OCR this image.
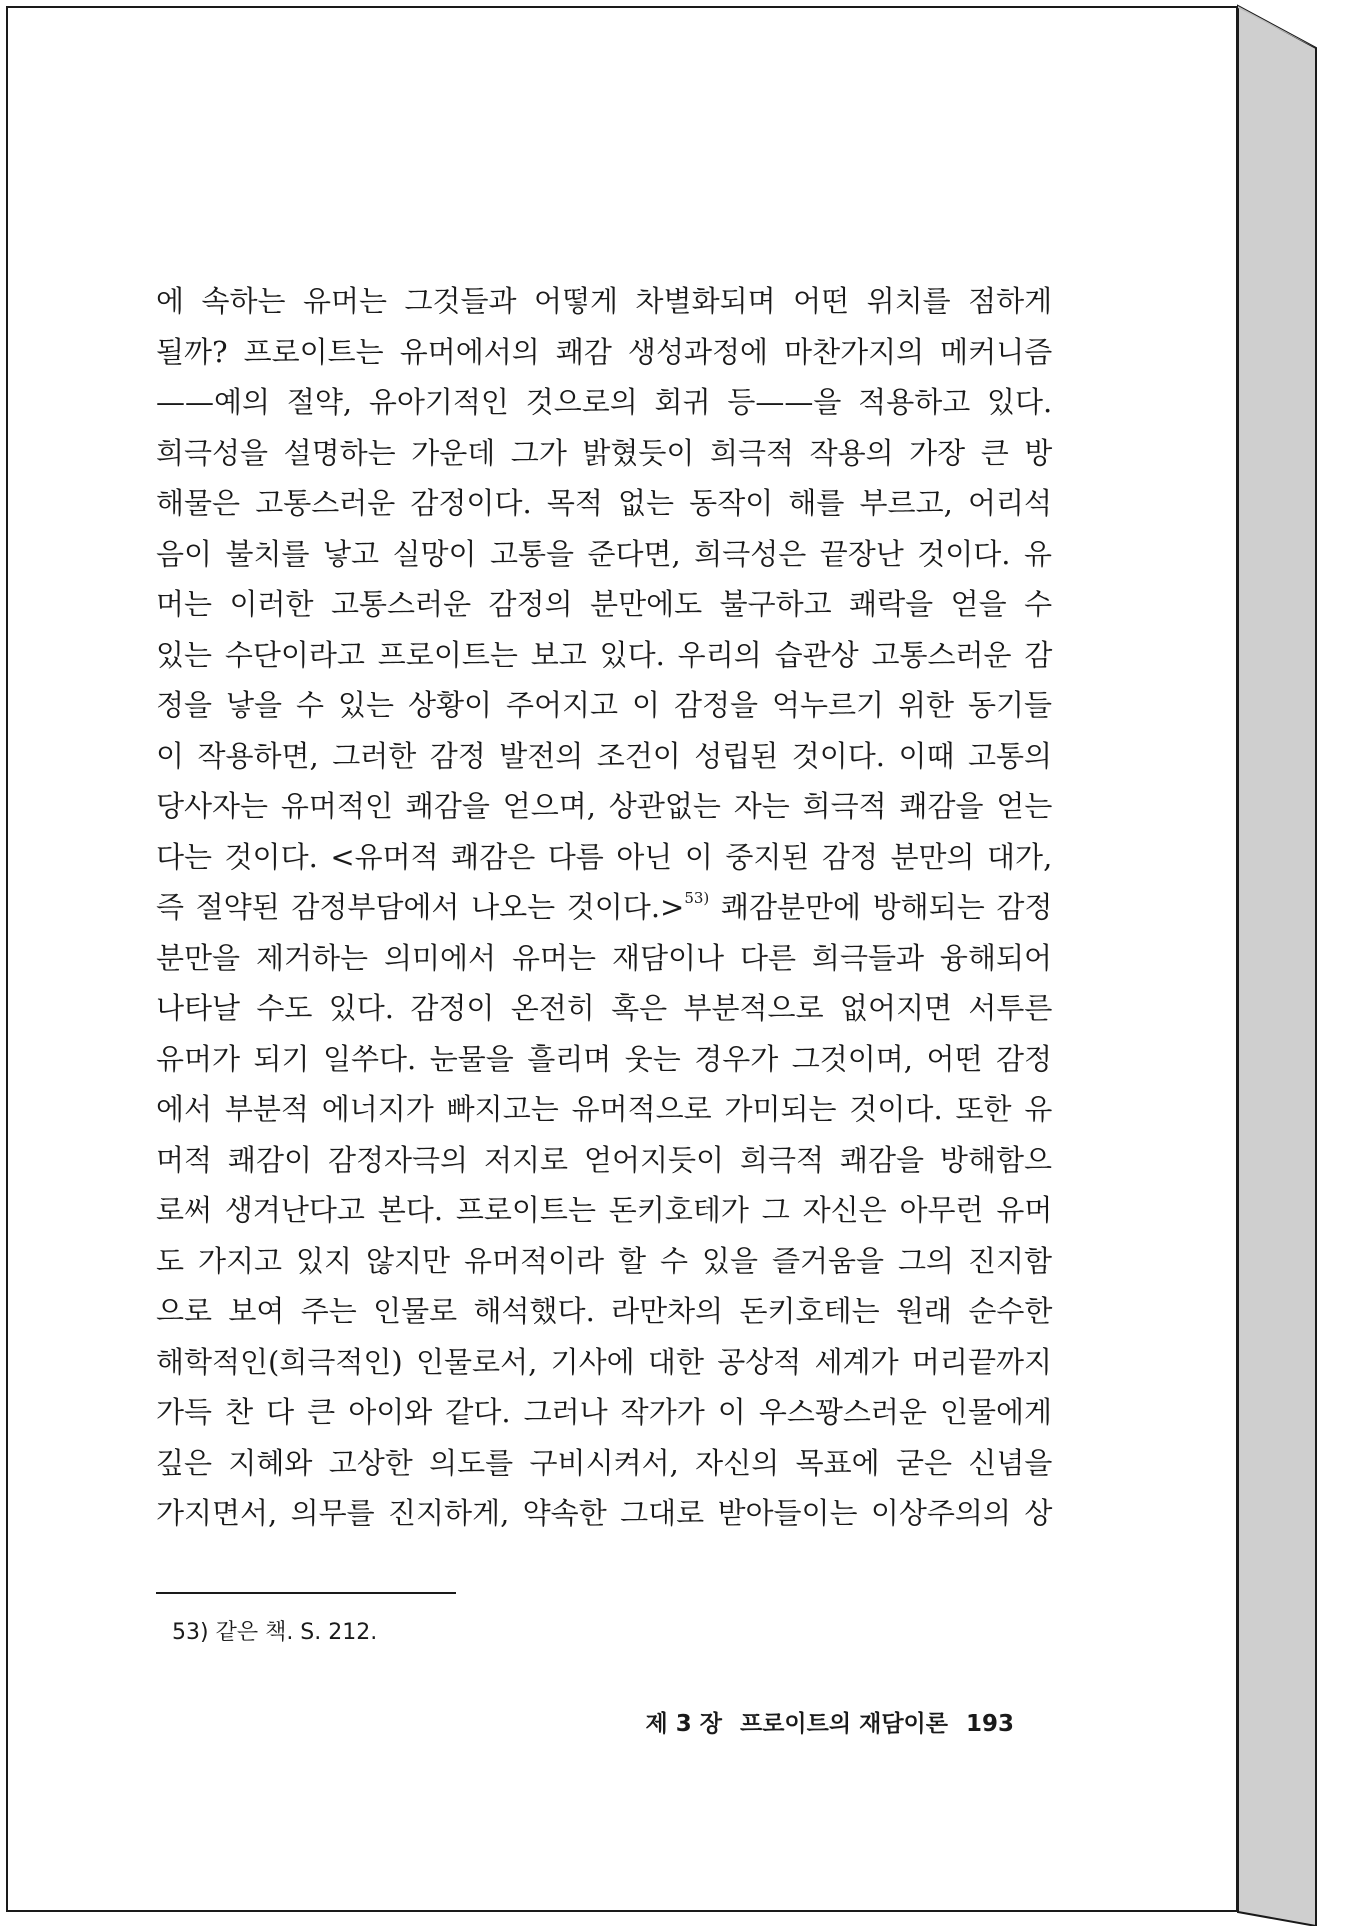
에 속하는 유머는 그것들과 어떻게 차별화되며 어떤 위치를 점하게
될까? 프로이트는 유머에서의 쾌감 생성과정에 마찬가지의 메커니즘
——예의 절약, 유아기적인 것으로의 회귀 등——을 적용하고 있다.
희극성을 설명하는 가운데 그가 밝혔듯이 희극적 작용의 가장 큰 방
해물은 고통스러운 감정이다. 목적 없는 동작이 해를 부르고, 어리석
음이 불치를 낳고 실망이 고통을 준다면, 희극성은 끝장난 것이다. 유
머는 이러한 고통스러운 감정의 분만에도 불구하고 쾌락을 얻을 수
있는 수단이라고 프로이트는 보고 있다. 우리의 습관상 고통스러운 감
정을 낳을 수 있는 상황이 주어지고 이 감정을 억누르기 위한 동기들
이 작용하면, 그러한 감정 발전의 조건이 성립된 것이다. 이때 고통의
당사자는 유머적인 쾌감을 얻으며, 상관없는 자는 희극적 쾌감을 얻는
다는 것이다. <유머적 쾌감은 다름 아닌 이 중지된 감정 분만의 대가,
즉 절약된 감정부담에서 나오는 것이다.>$^{53)}$ 쾌감분만에 방해되는 감정
분만을 제거하는 의미에서 유머는 재담이나 다른 희극들과 융해되어
나타날 수도 있다. 감정이 온전히 혹은 부분적으로 없어지면 서투른
유머가 되기 일쑤다. 눈물을 흘리며 웃는 경우가 그것이며, 어떤 감정
에서 부분적 에너지가 빠지고는 유머적으로 가미되는 것이다. 또한 유
머적 쾌감이 감정자극의 저지로 얻어지듯이 희극적 쾌감을 방해함으
로써 생겨난다고 본다. 프로이트는 돈키호테가 그 자신은 아무런 유머
도 가지고 있지 않지만 유머적이라 할 수 있을 즐거움을 그의 진지함
으로 보여 주는 인물로 해석했다. 라만차의 돈키호테는 원래 순수한
해학적인(희극적인) 인물로서, 기사에 대한 공상적 세계가 머리끝까지
가득 찬 다 큰 아이와 같다. 그러나 작가가 이 우스꽝스러운 인물에게
깊은 지혜와 고상한 의도를 구비시켜서, 자신의 목표에 굳은 신념을
가지면서, 의무를 진지하게, 약속한 그대로 받아들이는 이상주의의 상
53) 같은 책. S. 212.
제 3 장 프로이트의 재담이론 193
